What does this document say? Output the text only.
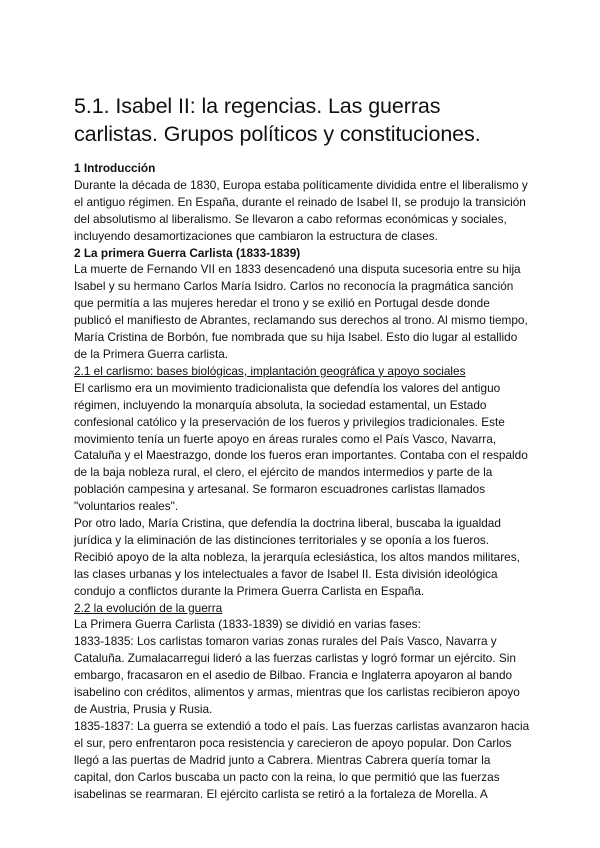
5.1. Isabel II: la regencias. Las guerras carlistas. Grupos políticos y constituciones.

1 Introducción

Durante la década de 1830, Europa estaba políticamente dividida entre el liberalismo y el antiguo régimen. En España, durante el reinado de Isabel II, se produjo la transición del absolutismo al liberalismo. Se llevaron a cabo reformas económicas y sociales, incluyendo desamortizaciones que cambiaron la estructura de clases.

2 La primera Guerra Carlista (1833-1839)

La muerte de Fernando VII en 1833 desencadenó una disputa sucesoria entre su hija Isabel y su hermano Carlos María Isidro. Carlos no reconocía la pragmática sanción que permitía a las mujeres heredar el trono y se exilió en Portugal desde donde publicó el manifiesto de Abrantes, reclamando sus derechos al trono. Al mismo tiempo, María Cristina de Borbón, fue nombrada que su hija Isabel. Esto dio lugar al estallido de la Primera Guerra carlista.

2.1 el carlismo: bases biológicas, implantación geográfica y apoyo sociales

El carlismo era un movimiento tradicionalista que defendía los valores del antiguo régimen, incluyendo la monarquía absoluta, la sociedad estamental, un Estado confesional católico y la preservación de los fueros y privilegios tradicionales. Este movimiento tenía un fuerte apoyo en áreas rurales como el País Vasco, Navarra, Cataluña y el Maestrazgo, donde los fueros eran importantes. Contaba con el respaldo de la baja nobleza rural, el clero, el ejército de mandos intermedios y parte de la población campesina y artesanal. Se formaron escuadrones carlistas llamados "voluntarios reales".

Por otro lado, María Cristina, que defendía la doctrina liberal, buscaba la igualdad jurídica y la eliminación de las distinciones territoriales y se oponía a los fueros. Recibió apoyo de la alta nobleza, la jerarquía eclesiástica, los altos mandos militares, las clases urbanas y los intelectuales a favor de Isabel II. Esta división ideológica condujo a conflictos durante la Primera Guerra Carlista en España.

2.2 la evolución de la guerra

La Primera Guerra Carlista (1833-1839) se dividió en varias fases:

1833-1835: Los carlistas tomaron varias zonas rurales del País Vasco, Navarra y Cataluña. Zumalacarregui lideró a las fuerzas carlistas y logró formar un ejército. Sin embargo, fracasaron en el asedio de Bilbao. Francia e Inglaterra apoyaron al bando isabelino con créditos, alimentos y armas, mientras que los carlistas recibieron apoyo de Austria, Prusia y Rusia.

1835-1837: La guerra se extendió a todo el país. Las fuerzas carlistas avanzaron hacia el sur, pero enfrentaron poca resistencia y carecieron de apoyo popular. Don Carlos llegó a las puertas de Madrid junto a Cabrera. Mientras Cabrera quería tomar la capital, don Carlos buscaba un pacto con la reina, lo que permitió que las fuerzas isabelinas se rearmaran. El ejército carlista se retiró a la fortaleza de Morella. A
